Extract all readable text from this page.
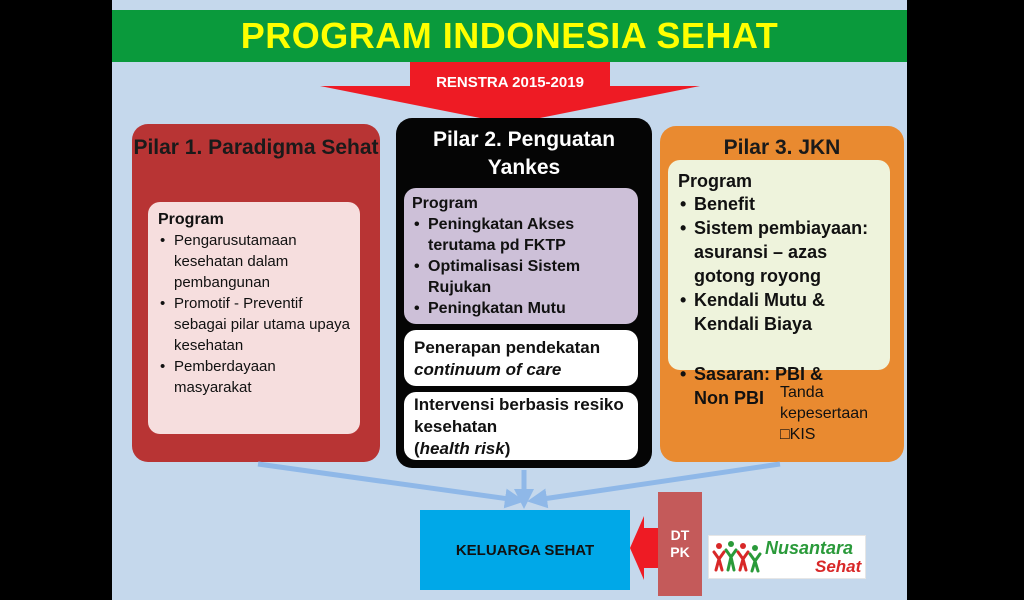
PROGRAM INDONESIA SEHAT
RENSTRA 2015-2019
Pilar 1. Paradigma Sehat
Program
• Pengarusutamaan kesehatan dalam pembangunan
• Promotif - Preventif sebagai pilar utama upaya kesehatan
• Pemberdayaan masyarakat
Pilar 2. Penguatan Yankes
Program
• Peningkatan Akses terutama pd FKTP
• Optimalisasi Sistem Rujukan
• Peningkatan Mutu
Penerapan pendekatan
continuum of care
Intervensi berbasis resiko kesehatan
(health risk)
Pilar 3. JKN
Program
• Benefit
• Sistem pembiayaan: asuransi – azas gotong royong
• Kendali Mutu & Kendali Biaya
• Sasaran: PBI & Non PBI	Tanda kepesertaan □KIS
KELUARGA SEHAT
DT
PK	Nusantara
Sehat
